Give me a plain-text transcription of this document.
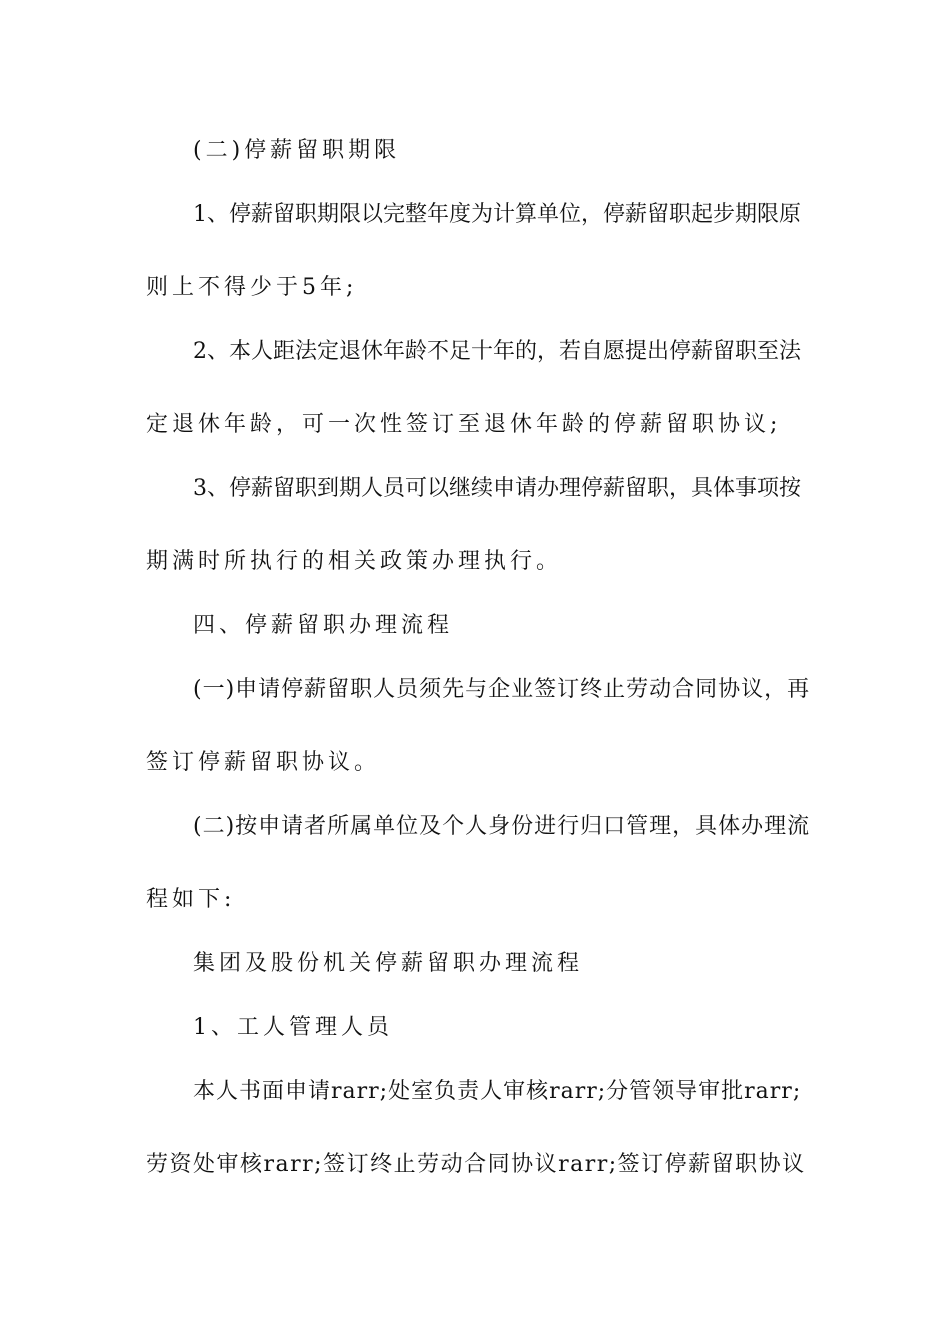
(二)停薪留职期限
1、停薪留职期限以完整年度为计算单位，停薪留职起步期限原
则上不得少于5年;
2、本人距法定退休年龄不足十年的，若自愿提出停薪留职至法
定退休年龄，可一次性签订至退休年龄的停薪留职协议;
3、停薪留职到期人员可以继续申请办理停薪留职，具体事项按
期满时所执行的相关政策办理执行。
四、停薪留职办理流程
(一)申请停薪留职人员须先与企业签订终止劳动合同协议，再
签订停薪留职协议。
(二)按申请者所属单位及个人身份进行归口管理，具体办理流
程如下:
集团及股份机关停薪留职办理流程
1、工人管理人员
本人书面申请rarr;处室负责人审核rarr;分管领导审批rarr;
劳资处审核rarr;签订终止劳动合同协议rarr;签订停薪留职协议
